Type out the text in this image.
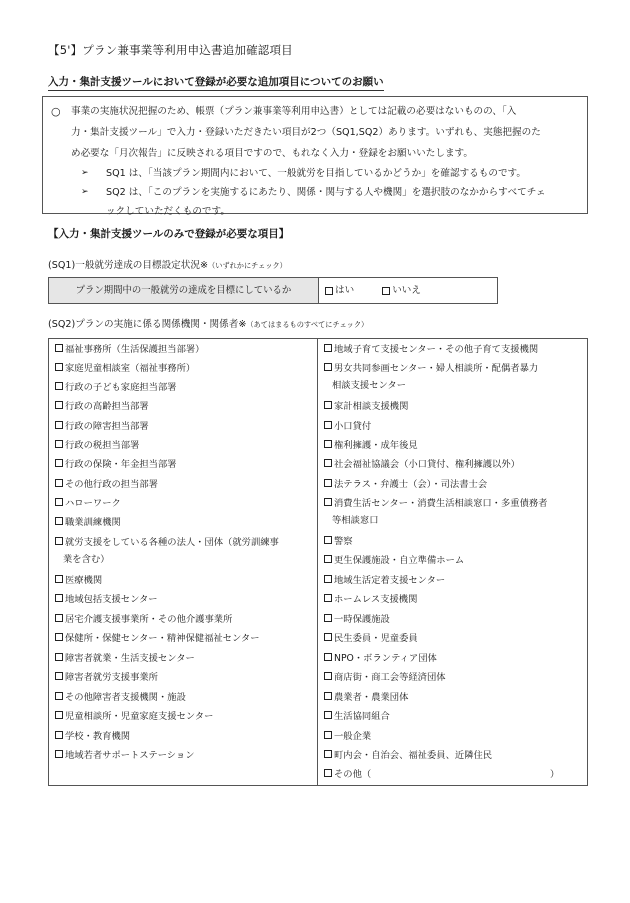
【5'】プラン兼事業等利用申込書追加確認項目
入力・集計支援ツールにおいて登録が必要な追加項目についてのお願い
○ 事業の実施状況把握のため、帳票（プラン兼事業等利用申込書）としては記載の必要はないものの、「入
力・集計支援ツール」で入力・登録いただきたい項目が2つ（SQ1,SQ2）あります。いずれも、実態把握のた
め必要な「月次報告」に反映される項目ですので、もれなく入力・登録をお願いいたします。
➢ SQ1 は、「当該プラン期間内において、一般就労を目指しているかどうか」を確認するものです。
➢ SQ2 は、「このプランを実施するにあたり、関係・関与する人や機関」を選択肢のなかからすべてチェ
ックしていただくものです。
【入力・集計支援ツールのみで登録が必要な項目】
(SQ1)一般就労達成の目標設定状況※（いずれかにチェック）
プラン期間中の一般就労の達成を目標にしているか	はい	いいえ
(SQ2)プランの実施に係る関係機関・関係者※（あてはまるものすべてにチェック）
福祉事務所（生活保護担当部署）
家庭児童相談室（福祉事務所）
行政の子ども家庭担当部署
行政の高齢担当部署
行政の障害担当部署
行政の税担当部署
行政の保険・年金担当部署
その他行政の担当部署
ハローワーク
職業訓練機関
就労支援をしている各種の法人・団体（就労訓練事
業を含む）
医療機関
地域包括支援センター
居宅介護支援事業所・その他介護事業所
保健所・保健センター・精神保健福祉センター
障害者就業・生活支援センター
障害者就労支援事業所
その他障害者支援機関・施設
児童相談所・児童家庭支援センター
学校・教育機関
地域若者サポートステーション
地域子育て支援センター・その他子育て支援機関
男女共同参画センター・婦人相談所・配偶者暴力
相談支援センター
家計相談支援機関
小口貸付
権利擁護・成年後見
社会福祉協議会（小口貸付、権利擁護以外）
法テラス・弁護士（会）・司法書士会
消費生活センター・消費生活相談窓口・多重債務者
等相談窓口
警察
更生保護施設・自立準備ホーム
地域生活定着支援センター
ホームレス支援機関
一時保護施設
民生委員・児童委員
NPO・ボランティア団体
商店街・商工会等経済団体
農業者・農業団体
生活協同組合
一般企業
町内会・自治会、福祉委員、近隣住民
その他（	）
